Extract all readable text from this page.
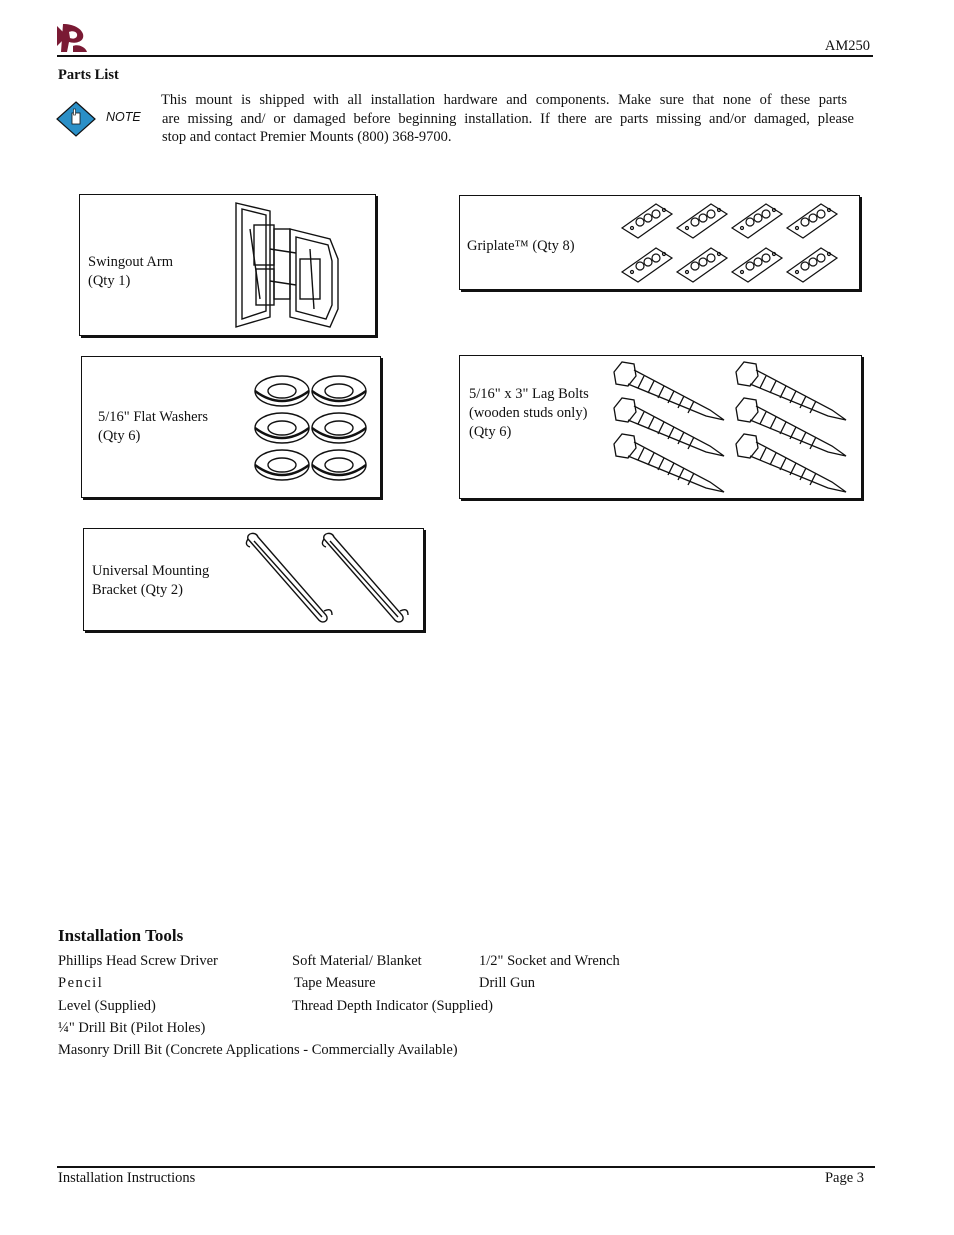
AM250
Parts List
NOTE
This mount is shipped with all installation hardware and components. Make sure that none of these parts
are missing and/ or damaged before beginning installation. If there are parts missing and/or damaged, please
stop and contact Premier Mounts (800) 368-9700.
Swingout Arm
(Qty 1)
Griplate™ (Qty 8)
5/16" Flat Washers
(Qty 6)
5/16" x 3" Lag Bolts
(wooden studs only)
(Qty 6)
Universal Mounting
Bracket (Qty 2)
Installation Tools
Phillips Head Screw Driver
Pencil
Level (Supplied)
¼" Drill Bit (Pilot Holes)
Masonry Drill Bit (Concrete Applications - Commercially Available)
Soft Material/ Blanket
Tape Measure
Thread Depth Indicator (Supplied)
1/2" Socket and Wrench
Drill Gun
Installation Instructions	Page 3
